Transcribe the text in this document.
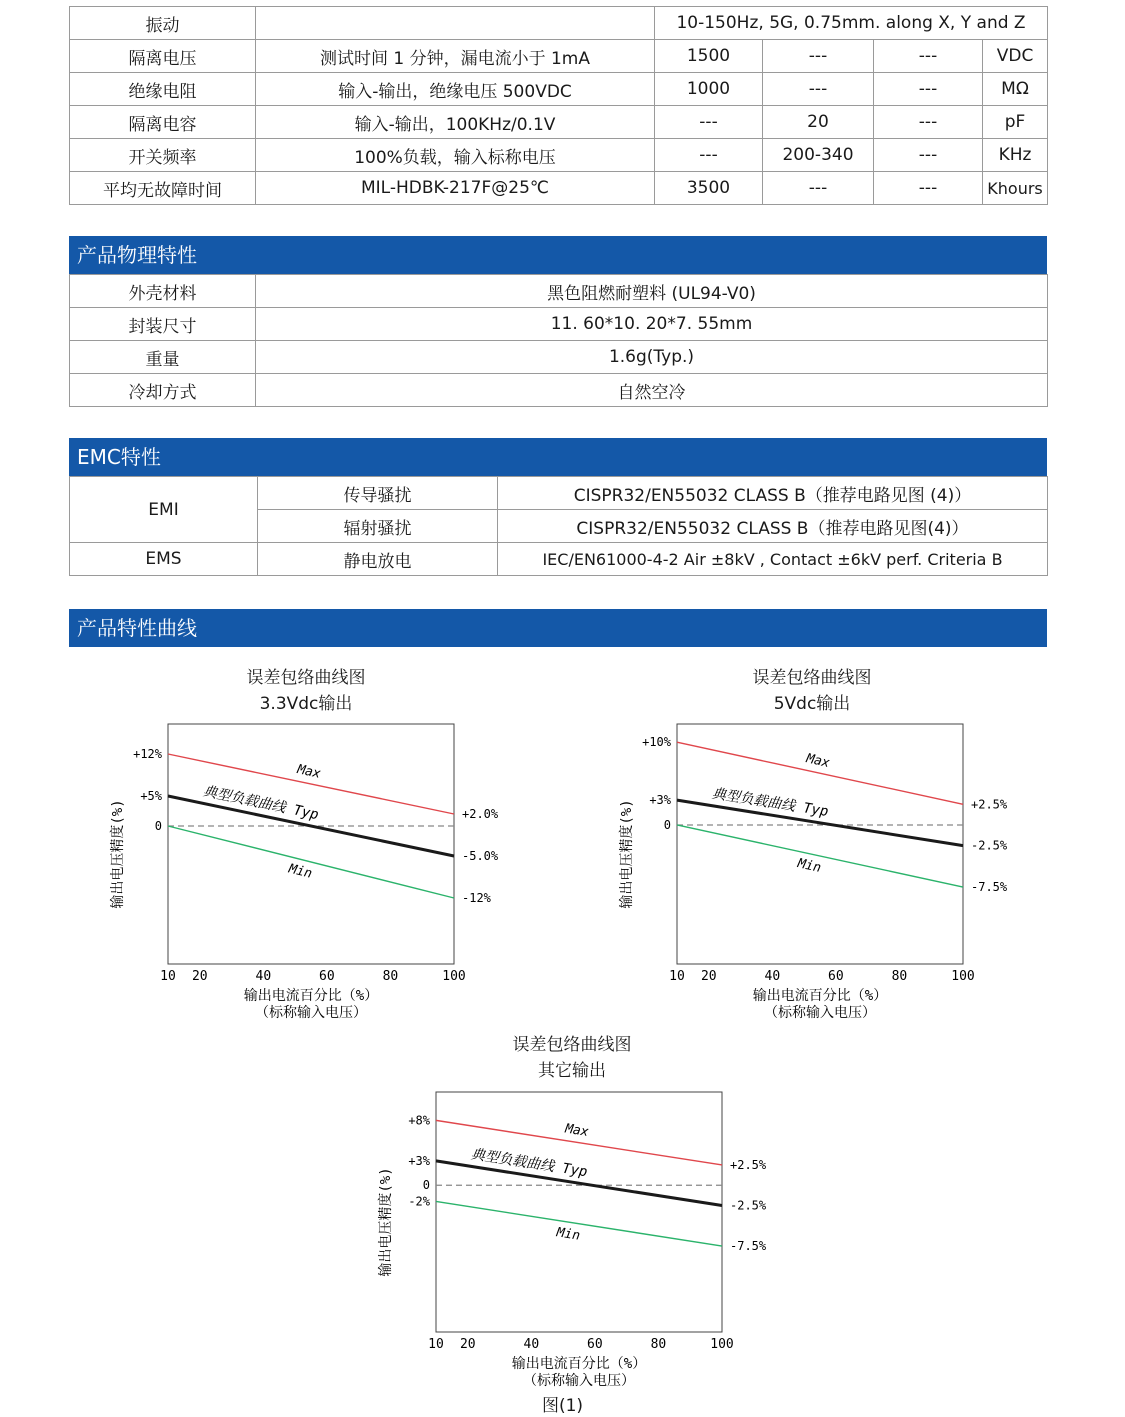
振动		10-150Hz, 5G, 0.75mm. along X, Y and Z			
隔离电压	测试时间 1 分钟，漏电流小于 1mA	1500	---	---	VDC
绝缘电阻	输入-输出，绝缘电压 500VDC	1000	---	---	MΩ
隔离电容	输入-输出，100KHz/0.1V	---	20	---	pF
开关频率	100%负载，输入标称电压	---	200-340	---	KHz
平均无故障时间	MIL-HDBK-217F@25℃	3500	---	---	Khours
产品物理特性
外壳材料	黑色阻燃耐塑料 (UL94-V0)
封装尺寸	11. 60*10. 20*7. 55mm
重量	1.6g(Typ.)
冷却方式	自然空冷
EMC特性
EMI	传导骚扰	CISPR32/EN55032 CLASS B（推荐电路见图 (4)）
	辐射骚扰	CISPR32/EN55032 CLASS B（推荐电路见图(4)）
EMS	静电放电	IEC/EN61000-4-2 Air ±8kV , Contact ±6kV perf. Criteria B
产品特性曲线
误差包络曲线图
3.3Vdc输出
0
+12%
+2.0%
Max
+5%
-5.0%
典型负载曲线 Typ
-12%
Min
10 20	40	60	80	100
输出电流百分比（%）
（标称输入电压）
输出电压精度(%)
误差包络曲线图
5Vdc输出
0
+10%
+2.5%
Max
+3%
-2.5%
典型负载曲线 Typ
-7.5%
Min
10 20	40	60	80	100
输出电流百分比（%）
（标称输入电压）
输出电压精度(%)
误差包络曲线图
其它输出
0
+8%
+2.5%
Max
+3%
-2.5%
典型负载曲线 Typ
-2%
-7.5%
Min
10 20	40	60	80	100
输出电流百分比（%）
（标称输入电压）
输出电压精度(%)
图(1)
